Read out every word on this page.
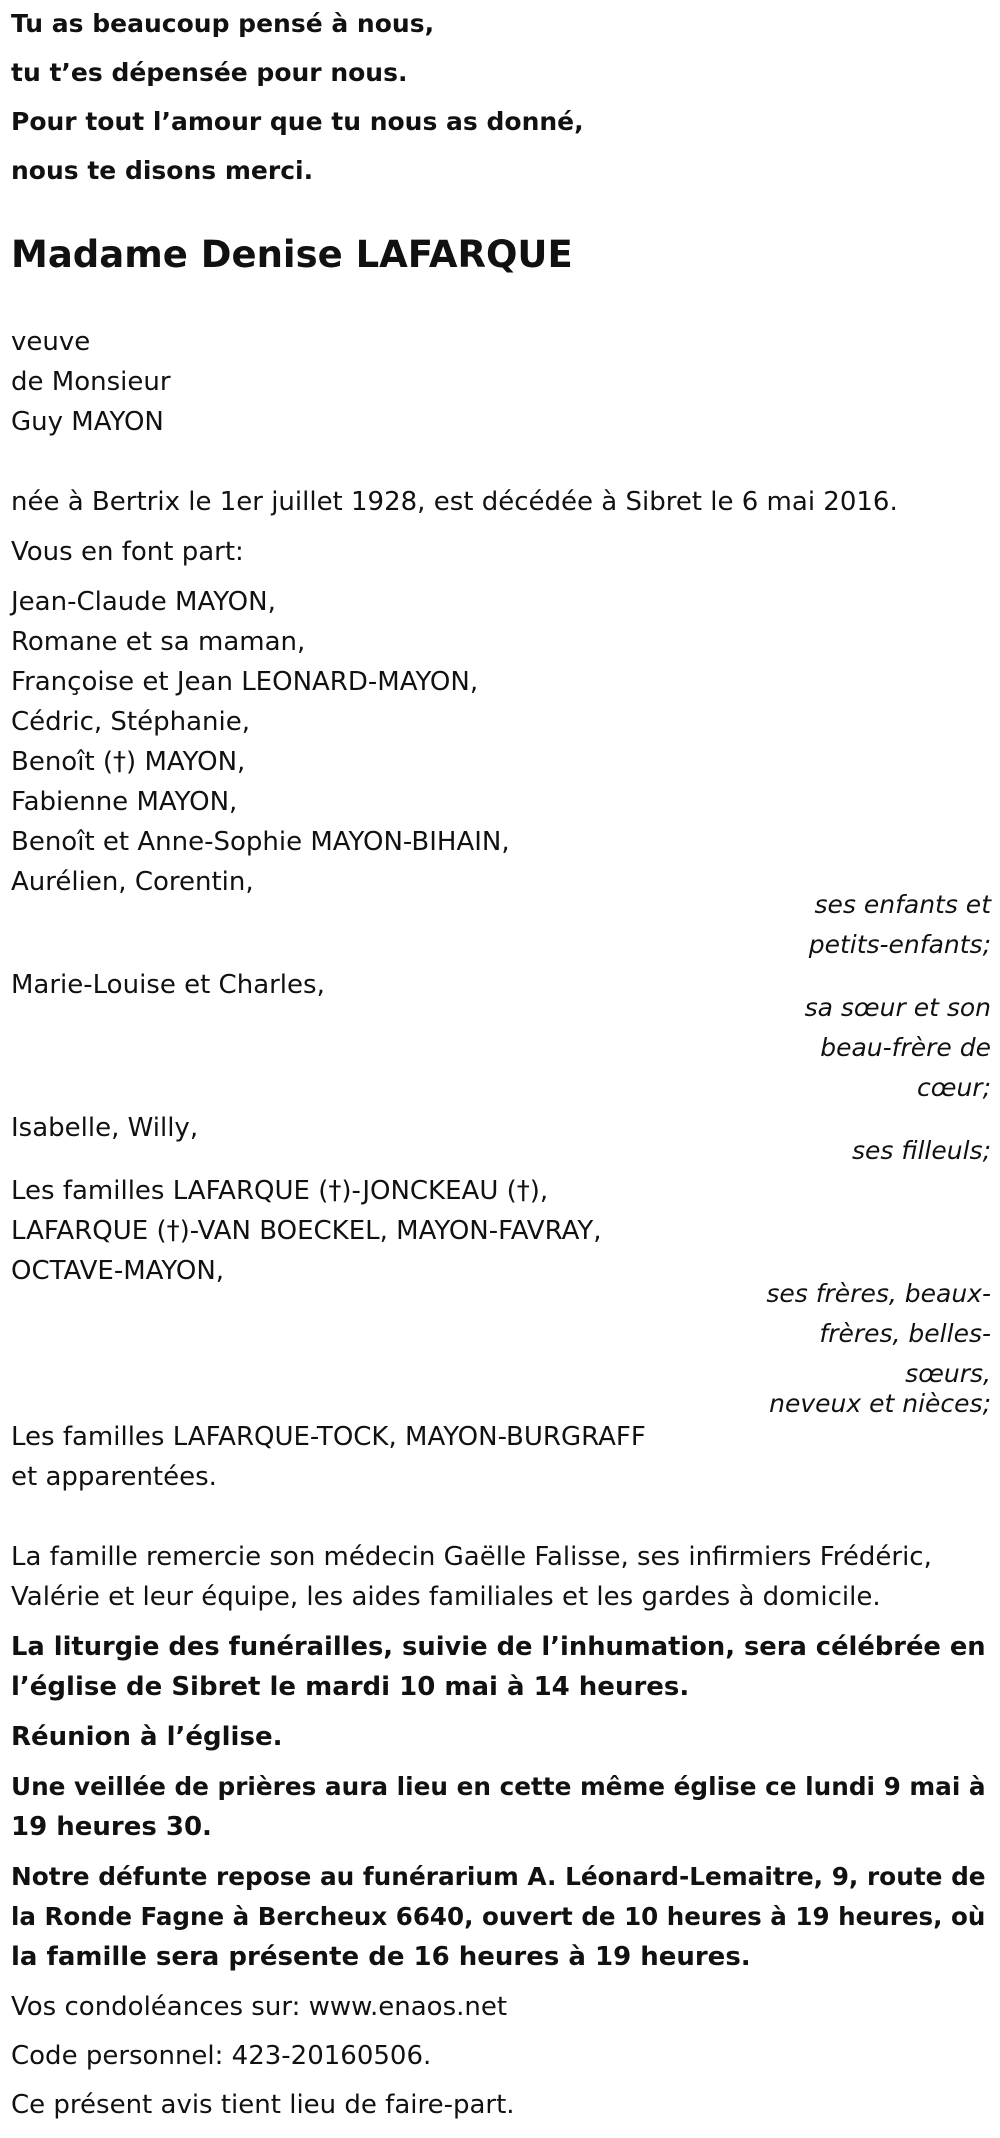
Tu as beaucoup pensé à nous,
tu t’es dépensée pour nous.
Pour tout l’amour que tu nous as donné,
nous te disons merci.
Madame Denise LAFARQUE
veuve
de Monsieur
Guy MAYON
née à Bertrix le 1er juillet 1928, est décédée à Sibret le 6 mai 2016.
Vous en font part:
Jean-Claude MAYON,
Romane et sa maman,
Françoise et Jean LEONARD-MAYON,
Cédric, Stéphanie,
Benoît (†) MAYON,
Fabienne MAYON,
Benoît et Anne-Sophie MAYON-BIHAIN,
Aurélien, Corentin,
ses enfants et
petits-enfants;
Marie-Louise et Charles,
sa sœur et son
beau-frère de
cœur;
Isabelle, Willy,
ses filleuls;
Les familles LAFARQUE (†)-JONCKEAU (†),
LAFARQUE (†)-VAN BOECKEL, MAYON-FAVRAY,
OCTAVE-MAYON,
ses frères, beaux-
frères, belles-
sœurs,
neveux et nièces;
Les familles LAFARQUE-TOCK, MAYON-BURGRAFF
et apparentées.
La famille remercie son médecin Gaëlle Falisse, ses infirmiers Frédéric,
Valérie et leur équipe, les aides familiales et les gardes à domicile.
La liturgie des funérailles, suivie de l’inhumation, sera célébrée en
l’église de Sibret le mardi 10 mai à 14 heures.
Réunion à l’église.
Une veillée de prières aura lieu en cette même église ce lundi 9 mai à
19 heures 30.
Notre défunte repose au funérarium A. Léonard-Lemaitre, 9, route de
la Ronde Fagne à Bercheux 6640, ouvert de 10 heures à 19 heures, où
la famille sera présente de 16 heures à 19 heures.
Vos condoléances sur: www.enaos.net
Code personnel: 423-20160506.
Ce présent avis tient lieu de faire-part.
